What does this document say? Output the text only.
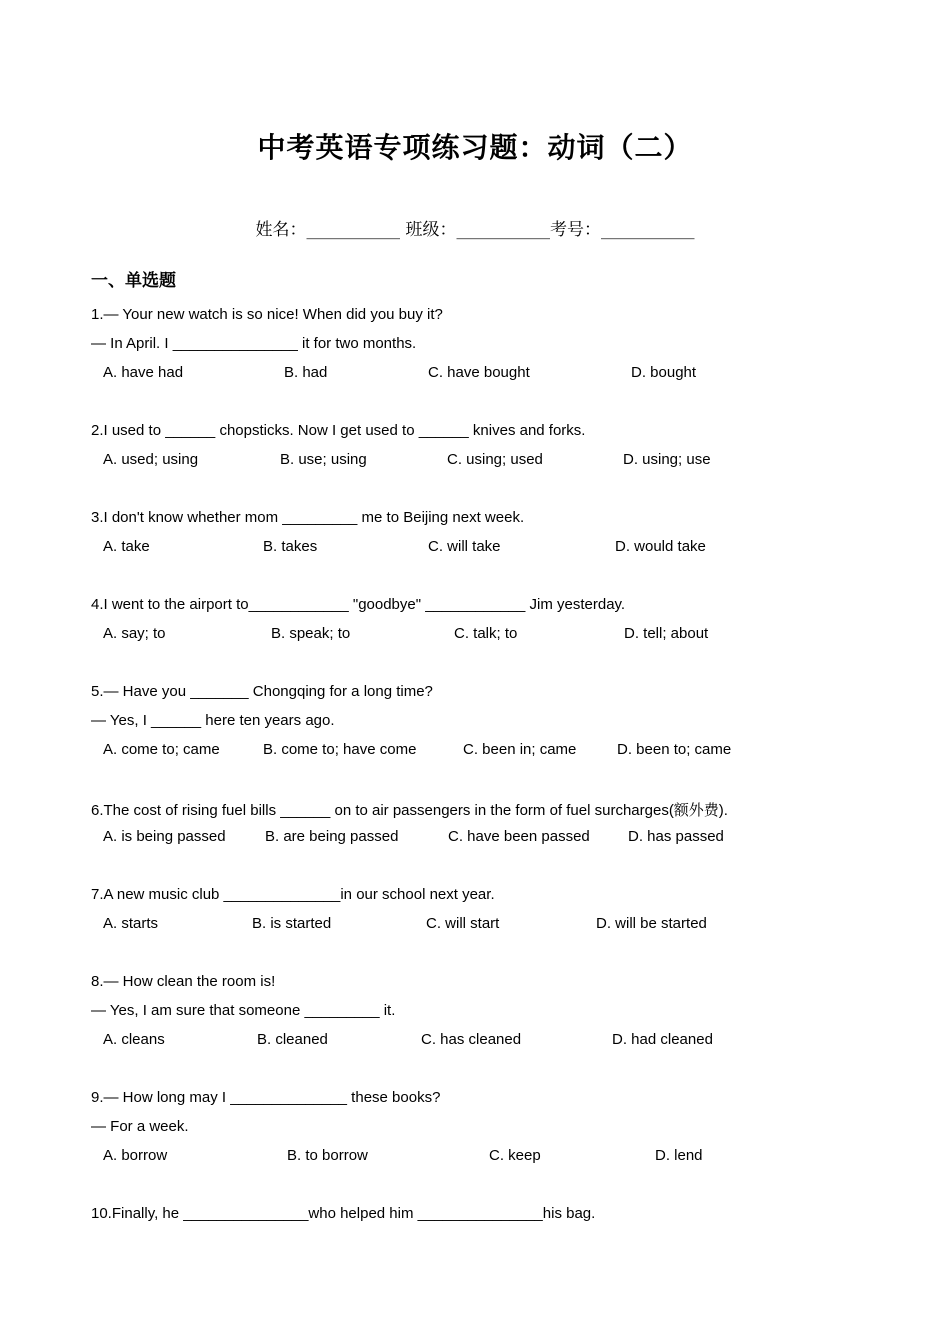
中考英语专项练习题：动词（二）
姓名：___________ 班级：___________考号：___________
一、单选题
1.— Your new watch is so nice! When did you buy it?
— In April. I _______________ it for two months.
A. have had	B. had	C. have bought	D. bought
2.I used to ______ chopsticks. Now I get used to ______ knives and forks.
A. used; using	B. use; using	C. using; used	D. using; use
3.I don't know whether mom _________ me to Beijing next week.
A. take	B. takes	C. will take	D. would take
4.I went to the airport to____________ "goodbye" ____________ Jim yesterday.
A. say; to	B. speak; to	C. talk; to	D. tell; about
5.— Have you _______ Chongqing for a long time?
— Yes, I ______ here ten years ago.
A. come to; came	B. come to; have come	C. been in; came	D. been to; came
6.The cost of rising fuel bills ______ on to air passengers in the form of fuel surcharges(额外费).
A. is being passed	B. are being passed	C. have been passed	D. has passed
7.A new music club ______________in our school next year.
A. starts	B. is started	C. will start	D. will be started
8.— How clean the room is!
— Yes, I am sure that someone _________ it.
A. cleans	B. cleaned	C. has cleaned	D. had cleaned
9.— How long may I ______________ these books?
— For a week.
A. borrow	B. to borrow	C. keep	D. lend
10.Finally, he _______________who helped him _______________his bag.
